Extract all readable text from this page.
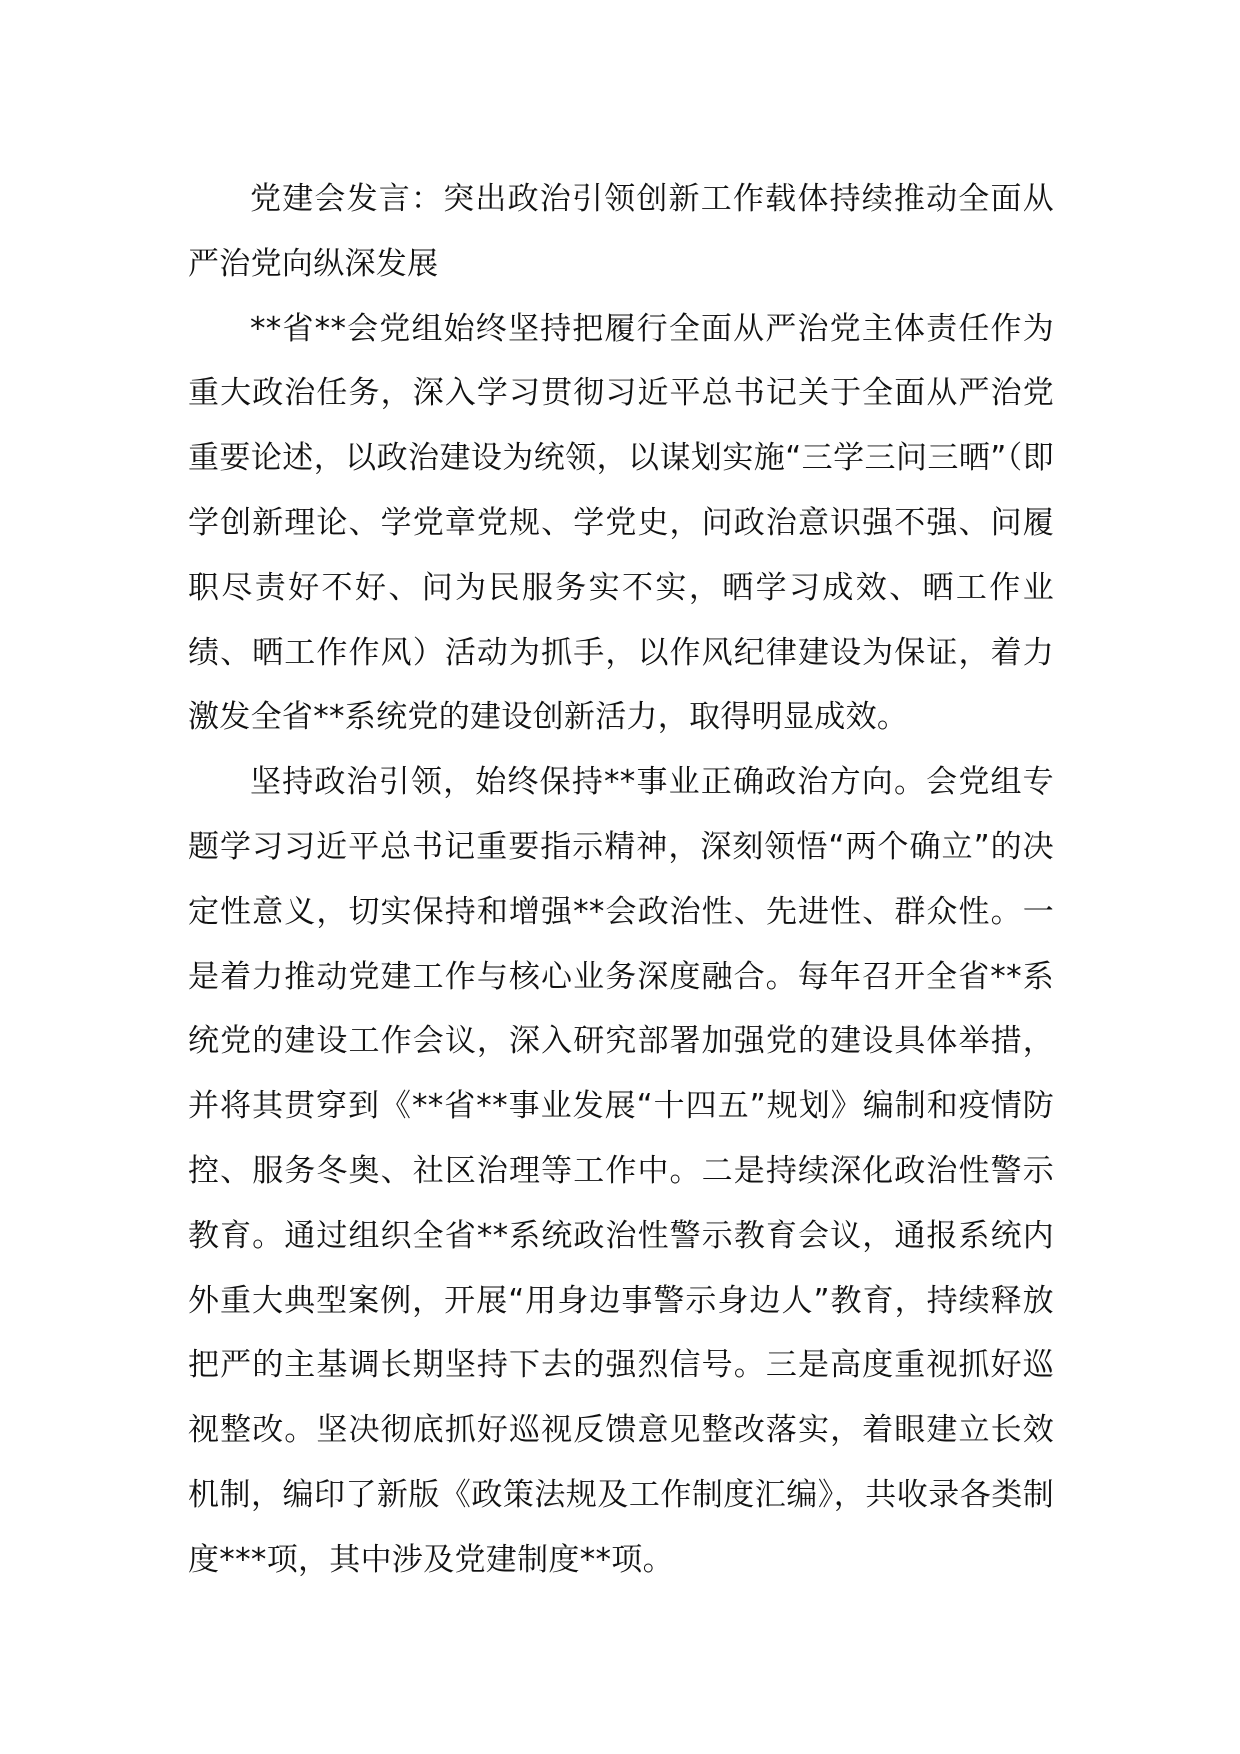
党建会发言：突出政治引领创新工作载体持续推动全面从严治党向纵深发展

**省**会党组始终坚持把履行全面从严治党主体责任作为重大政治任务，深入学习贯彻习近平总书记关于全面从严治党重要论述，以政治建设为统领，以谋划实施“三学三问三晒”（即学创新理论、学党章党规、学党史，问政治意识强不强、问履职尽责好不好、问为民服务实不实，晒学习成效、晒工作业绩、晒工作作风）活动为抓手，以作风纪律建设为保证，着力激发全省**系统党的建设创新活力，取得明显成效。

坚持政治引领，始终保持**事业正确政治方向。会党组专题学习习近平总书记重要指示精神，深刻领悟“两个确立”的决定性意义，切实保持和增强**会政治性、先进性、群众性。一是着力推动党建工作与核心业务深度融合。每年召开全省**系统党的建设工作会议，深入研究部署加强党的建设具体举措，并将其贯穿到《**省**事业发展“十四五”规划》编制和疫情防控、服务冬奥、社区治理等工作中。二是持续深化政治性警示教育。通过组织全省**系统政治性警示教育会议，通报系统内外重大典型案例，开展“用身边事警示身边人”教育，持续释放把严的主基调长期坚持下去的强烈信号。三是高度重视抓好巡视整改。坚决彻底抓好巡视反馈意见整改落实，着眼建立长效机制，编印了新版《政策法规及工作制度汇编》，共收录各类制度***项，其中涉及党建制度**项。
